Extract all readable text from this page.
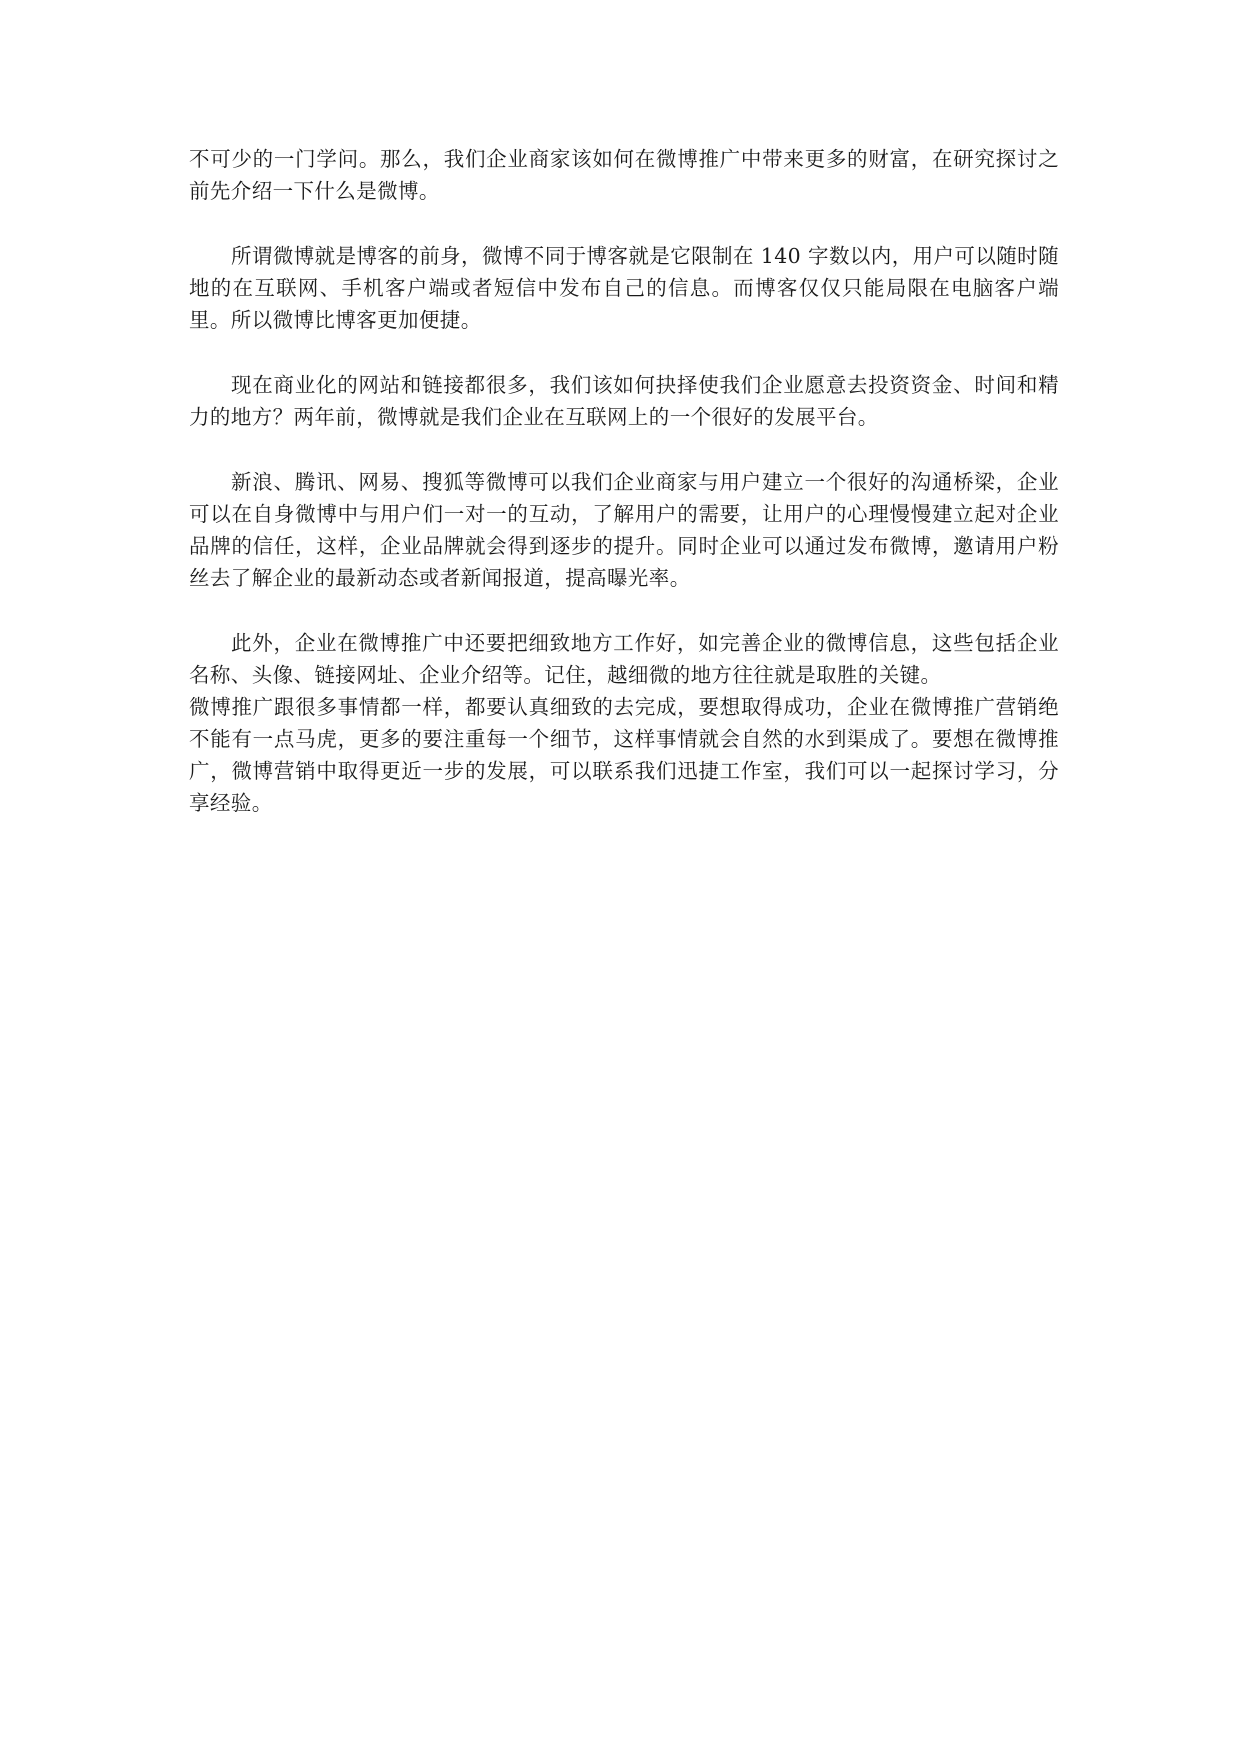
不可少的一门学问。那么，我们企业商家该如何在微博推广中带来更多的财富，在研究探讨之前先介绍一下什么是微博。

所谓微博就是博客的前身，微博不同于博客就是它限制在 140 字数以内，用户可以随时随地的在互联网、手机客户端或者短信中发布自己的信息。而博客仅仅只能局限在电脑客户端里。所以微博比博客更加便捷。

现在商业化的网站和链接都很多，我们该如何抉择使我们企业愿意去投资资金、时间和精力的地方？两年前，微博就是我们企业在互联网上的一个很好的发展平台。

新浪、腾讯、网易、搜狐等微博可以我们企业商家与用户建立一个很好的沟通桥梁，企业可以在自身微博中与用户们一对一的互动，了解用户的需要，让用户的心理慢慢建立起对企业品牌的信任，这样，企业品牌就会得到逐步的提升。同时企业可以通过发布微博，邀请用户粉丝去了解企业的最新动态或者新闻报道，提高曝光率。

此外，企业在微博推广中还要把细致地方工作好，如完善企业的微博信息，这些包括企业名称、头像、链接网址、企业介绍等。记住，越细微的地方往往就是取胜的关键。

微博推广跟很多事情都一样，都要认真细致的去完成，要想取得成功，企业在微博推广营销绝不能有一点马虎，更多的要注重每一个细节，这样事情就会自然的水到渠成了。要想在微博推广，微博营销中取得更近一步的发展，可以联系我们迅捷工作室，我们可以一起探讨学习，分享经验。
